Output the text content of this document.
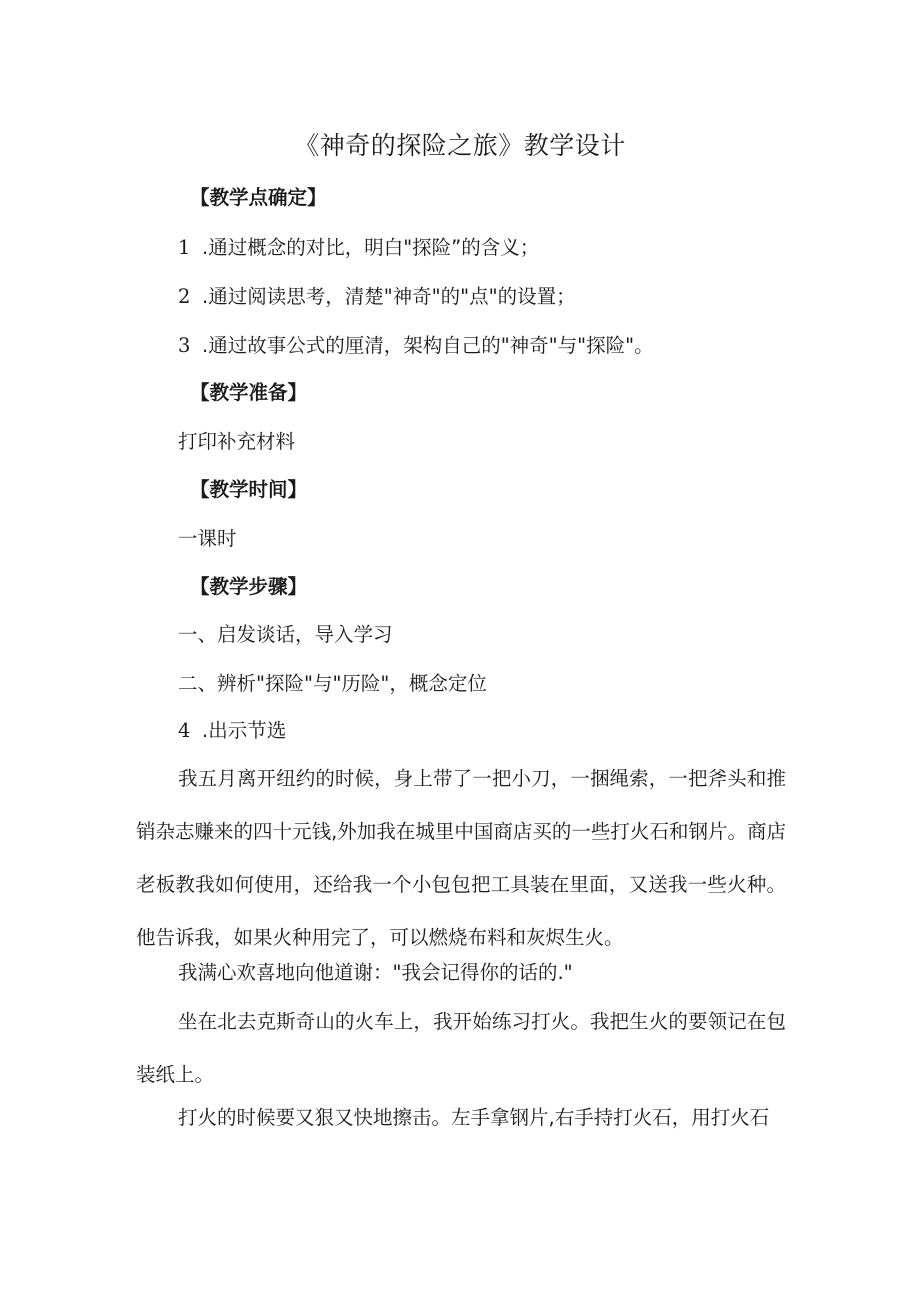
《神奇的探险之旅》教学设计
【教学点确定】
1 .通过概念的对比，明白"探险”的含义；
2 .通过阅读思考，清楚"神奇"的"点"的设置；
3 .通过故事公式的厘清，架构自己的"神奇"与"探险"。
【教学准备】
打印补充材料
【教学时间】
一课时
【教学步骤】
一、启发谈话，导入学习
二、辨析"探险"与"历险"，概念定位
4 .出示节选
我五月离开纽约的时候，身上带了一把小刀，一捆绳索，一把斧头和推销杂志赚来的四十元钱,外加我在城里中国商店买的一些打火石和钢片。商店老板教我如何使用，还给我一个小包包把工具装在里面，又送我一些火种。他告诉我，如果火种用完了，可以燃烧布料和灰烬生火。
我满心欢喜地向他道谢："我会记得你的话的."
坐在北去克斯奇山的火车上，我开始练习打火。我把生火的要领记在包装纸上。
打火的时候要又狠又快地擦击。左手拿钢片,右手持打火石，用打火石
